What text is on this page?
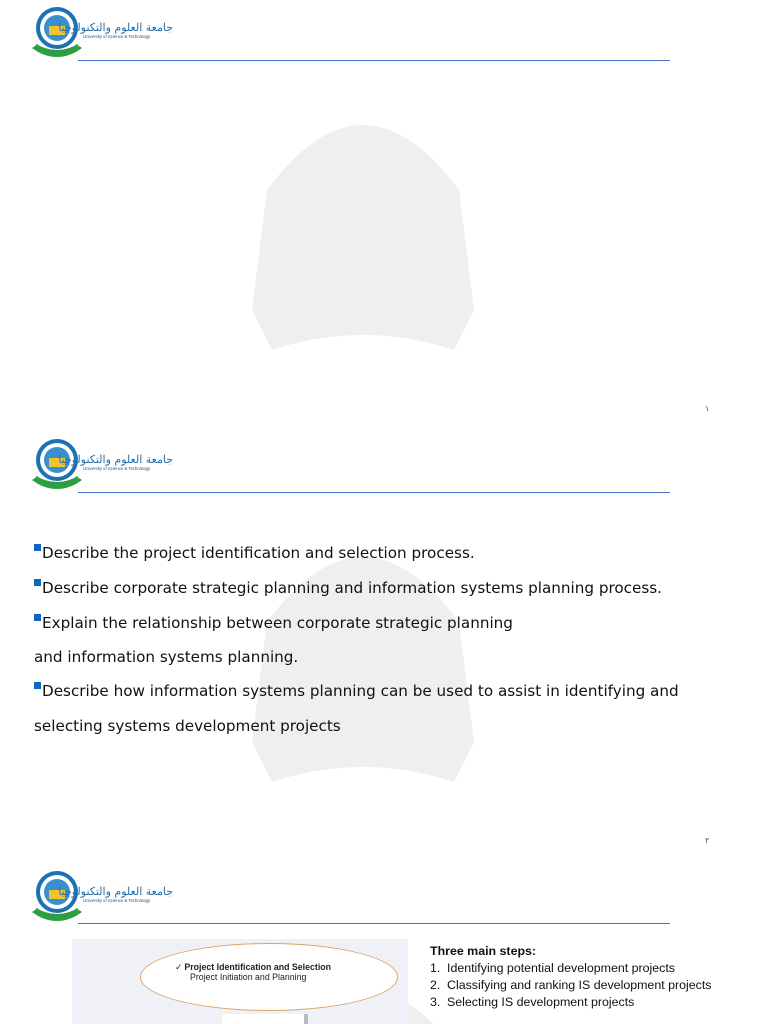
جامعة العلوم والتكنولوجيا
University of Science & Technology
١
جامعة العلوم والتكنولوجيا
University of Science & Technology

Describe the project identification and selection process.

Describe corporate strategic planning and information systems planning process.

Explain the relationship between corporate strategic planning

and information systems planning.

Describe how information systems planning can be used to assist in identifying and

selecting systems development projects

٢
جامعة العلوم والتكنولوجيا
University of Science & Technology
✓ Project Identification and Selection
Project Initiation and Planning

Three main steps:

1. Identifying potential development projects

2. Classifying and ranking IS development projects

3. Selecting IS development projects
